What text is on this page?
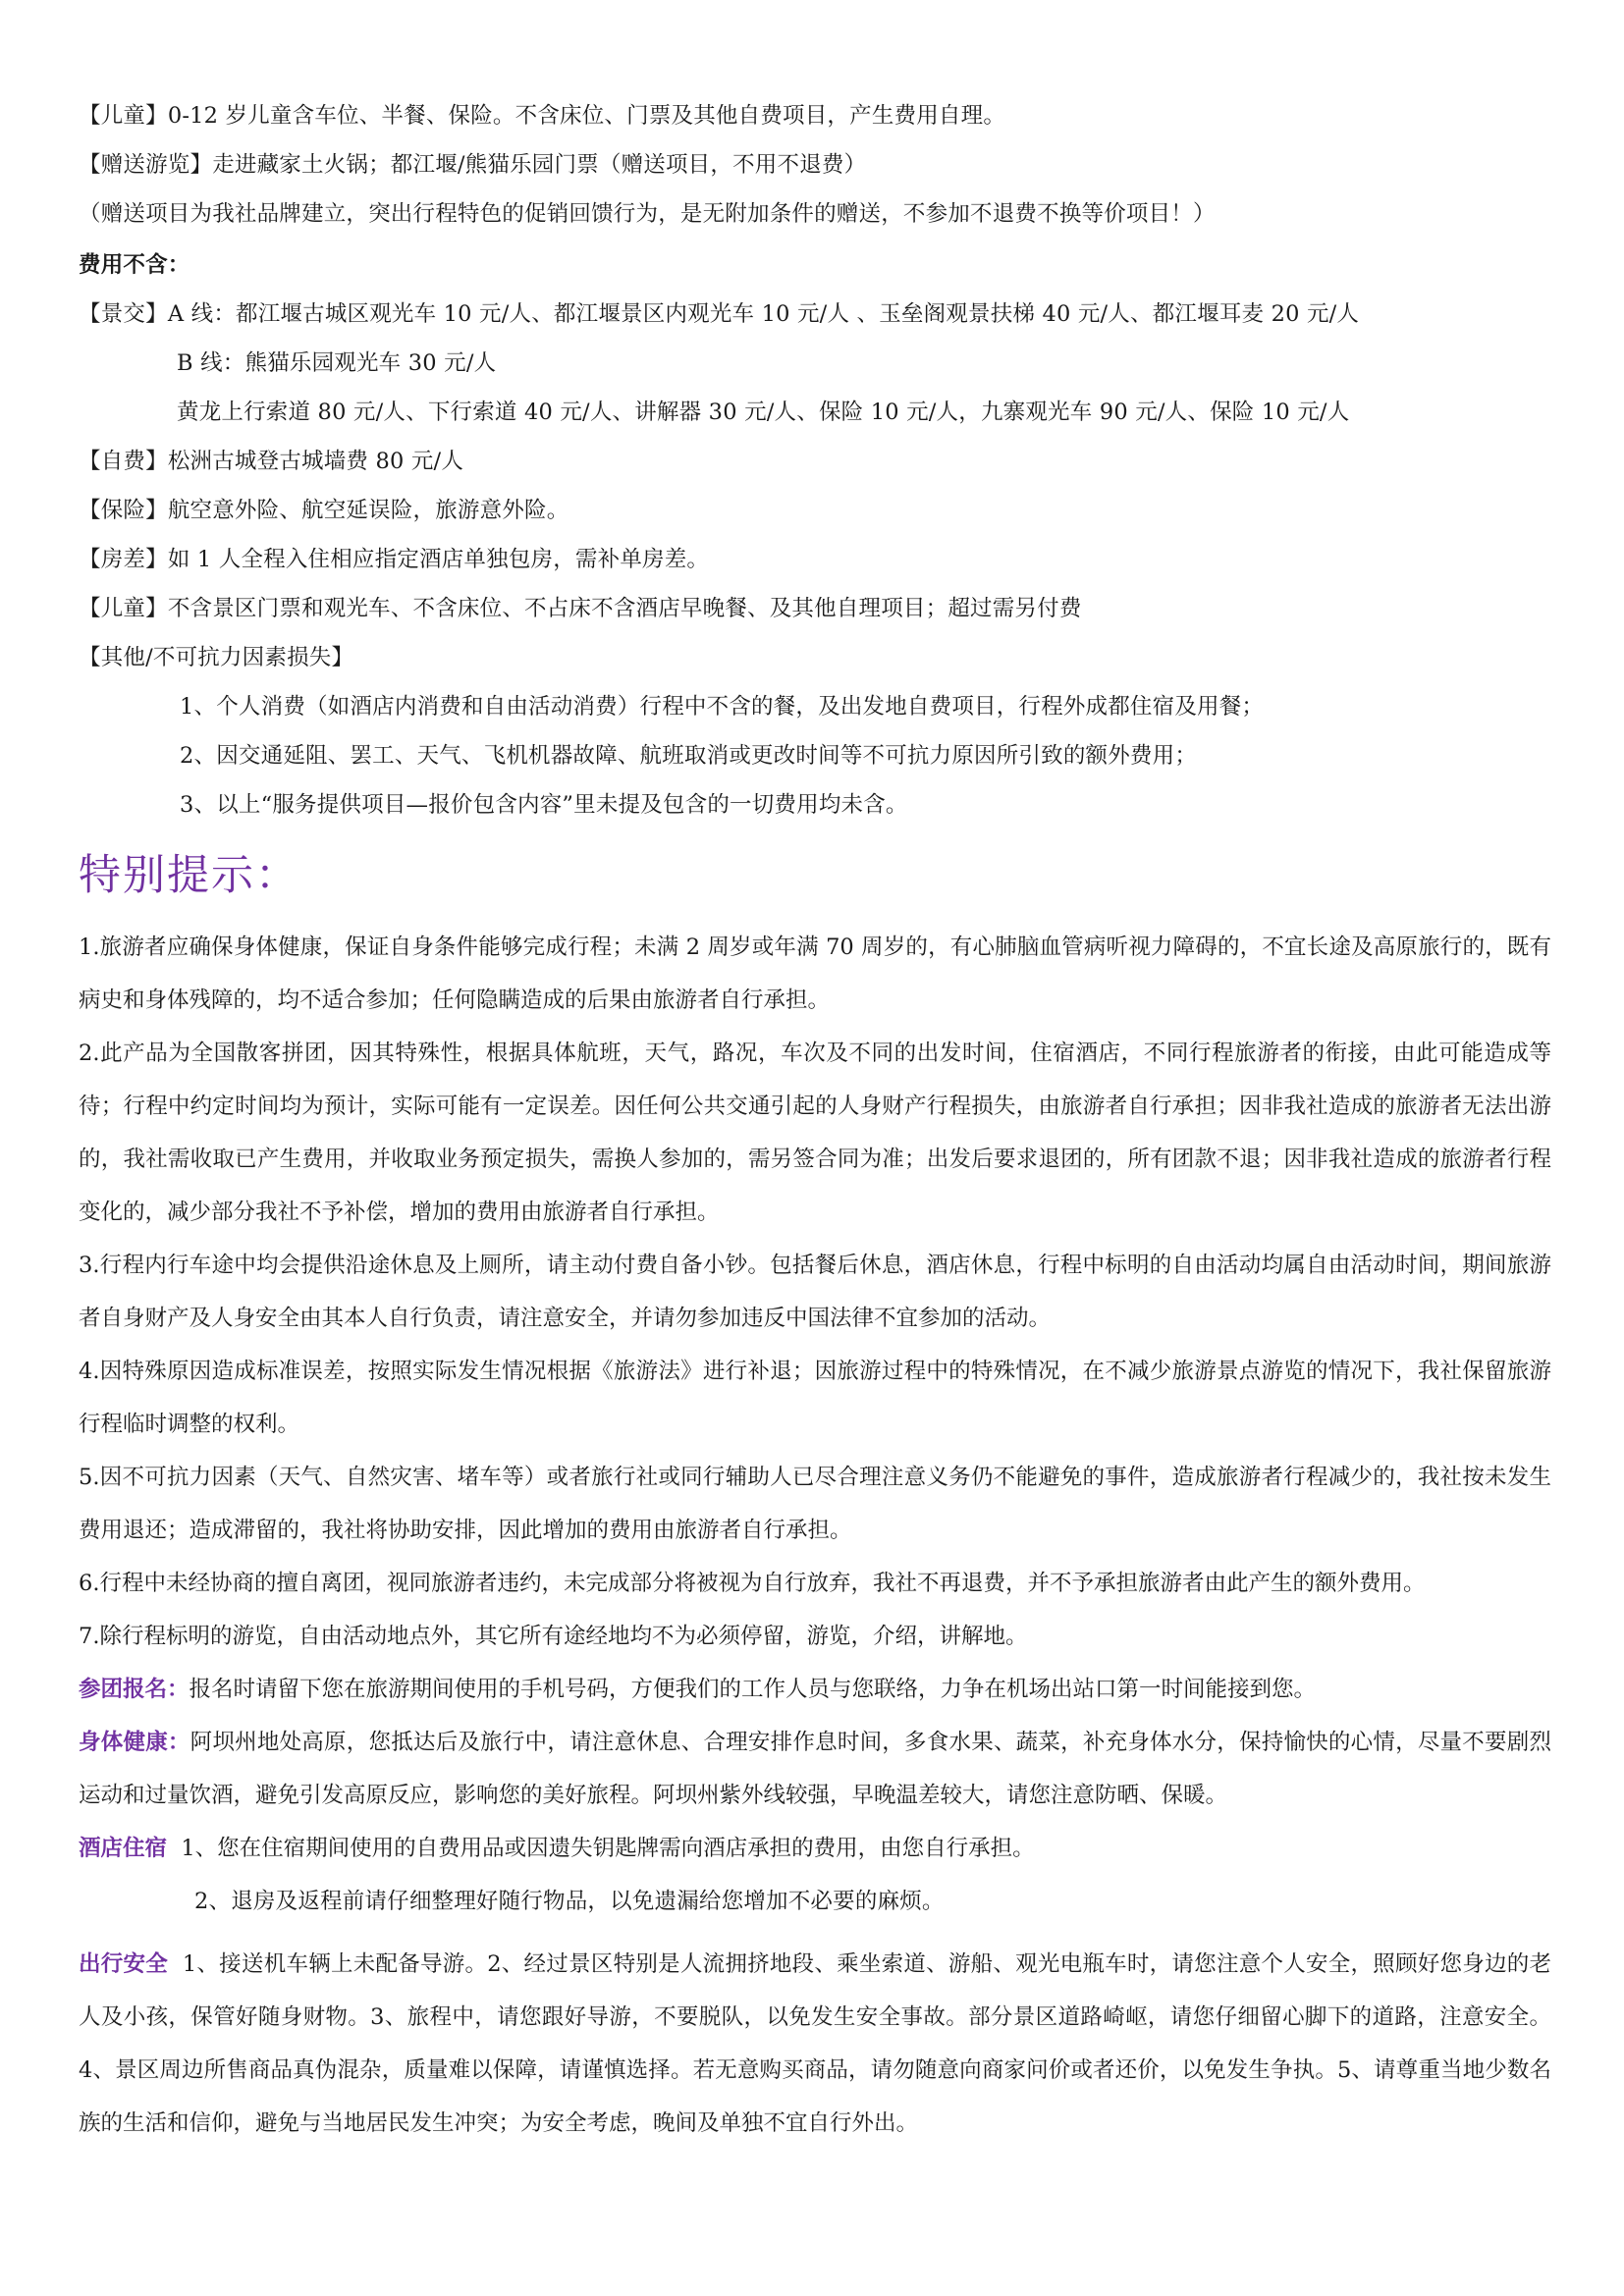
【儿童】0-12 岁儿童含车位、半餐、保险。不含床位、门票及其他自费项目，产生费用自理。
【赠送游览】走进藏家土火锅；都江堰/熊猫乐园门票（赠送项目，不用不退费）
（赠送项目为我社品牌建立，突出行程特色的促销回馈行为，是无附加条件的赠送，不参加不退费不换等价项目！）
费用不含：
【景交】A 线：都江堰古城区观光车 10 元/人、都江堰景区内观光车 10 元/人 、玉垒阁观景扶梯 40 元/人、都江堰耳麦 20 元/人
B 线：熊猫乐园观光车 30 元/人
黄龙上行索道 80 元/人、下行索道 40 元/人、讲解器 30 元/人、保险 10 元/人，九寨观光车 90 元/人、保险 10 元/人
【自费】松洲古城登古城墙费 80 元/人
【保险】航空意外险、航空延误险，旅游意外险。
【房差】如 1 人全程入住相应指定酒店单独包房，需补单房差。
【儿童】不含景区门票和观光车、不含床位、不占床不含酒店早晚餐、及其他自理项目；超过需另付费
【其他/不可抗力因素损失】
1、个人消费（如酒店内消费和自由活动消费）行程中不含的餐，及出发地自费项目，行程外成都住宿及用餐；
2、因交通延阻、罢工、天气、飞机机器故障、航班取消或更改时间等不可抗力原因所引致的额外费用；
3、以上“服务提供项目—报价包含内容”里未提及包含的一切费用均未含。
特别提示：
1.旅游者应确保身体健康，保证自身条件能够完成行程；未满 2 周岁或年满 70 周岁的，有心肺脑血管病听视力障碍的，不宜长途及高原旅行的，既有病史和身体残障的，均不适合参加；任何隐瞒造成的后果由旅游者自行承担。
2.此产品为全国散客拼团，因其特殊性，根据具体航班，天气，路况，车次及不同的出发时间，住宿酒店，不同行程旅游者的衔接，由此可能造成等待；行程中约定时间均为预计，实际可能有一定误差。因任何公共交通引起的人身财产行程损失，由旅游者自行承担；因非我社造成的旅游者无法出游的，我社需收取已产生费用，并收取业务预定损失，需换人参加的，需另签合同为准；出发后要求退团的，所有团款不退；因非我社造成的旅游者行程变化的，减少部分我社不予补偿，增加的费用由旅游者自行承担。
3.行程内行车途中均会提供沿途休息及上厕所，请主动付费自备小钞。包括餐后休息，酒店休息，行程中标明的自由活动均属自由活动时间，期间旅游者自身财产及人身安全由其本人自行负责，请注意安全，并请勿参加违反中国法律不宜参加的活动。
4.因特殊原因造成标准误差，按照实际发生情况根据《旅游法》进行补退；因旅游过程中的特殊情况，在不减少旅游景点游览的情况下，我社保留旅游行程临时调整的权利。
5.因不可抗力因素（天气、自然灾害、堵车等）或者旅行社或同行辅助人已尽合理注意义务仍不能避免的事件，造成旅游者行程减少的，我社按未发生费用退还；造成滞留的，我社将协助安排，因此增加的费用由旅游者自行承担。
6.行程中未经协商的擅自离团，视同旅游者违约，未完成部分将被视为自行放弃，我社不再退费，并不予承担旅游者由此产生的额外费用。
7.除行程标明的游览，自由活动地点外，其它所有途经地均不为必须停留，游览，介绍，讲解地。
参团报名：报名时请留下您在旅游期间使用的手机号码，方便我们的工作人员与您联络，力争在机场出站口第一时间能接到您。
身体健康：阿坝州地处高原，您抵达后及旅行中，请注意休息、合理安排作息时间，多食水果、蔬菜，补充身体水分，保持愉快的心情，尽量不要剧烈运动和过量饮酒，避免引发高原反应，影响您的美好旅程。阿坝州紫外线较强，早晚温差较大，请您注意防晒、保暖。
酒店住宿 1、您在住宿期间使用的自费用品或因遗失钥匙牌需向酒店承担的费用，由您自行承担。
2、退房及返程前请仔细整理好随行物品，以免遗漏给您增加不必要的麻烦。
出行安全 1、接送机车辆上未配备导游。2、经过景区特别是人流拥挤地段、乘坐索道、游船、观光电瓶车时，请您注意个人安全，照顾好您身边的老人及小孩，保管好随身财物。3、旅程中，请您跟好导游，不要脱队，以免发生安全事故。部分景区道路崎岖，请您仔细留心脚下的道路，注意安全。4、景区周边所售商品真伪混杂，质量难以保障，请谨慎选择。若无意购买商品，请勿随意向商家问价或者还价，以免发生争执。5、请尊重当地少数名族的生活和信仰，避免与当地居民发生冲突；为安全考虑，晚间及单独不宜自行外出。
